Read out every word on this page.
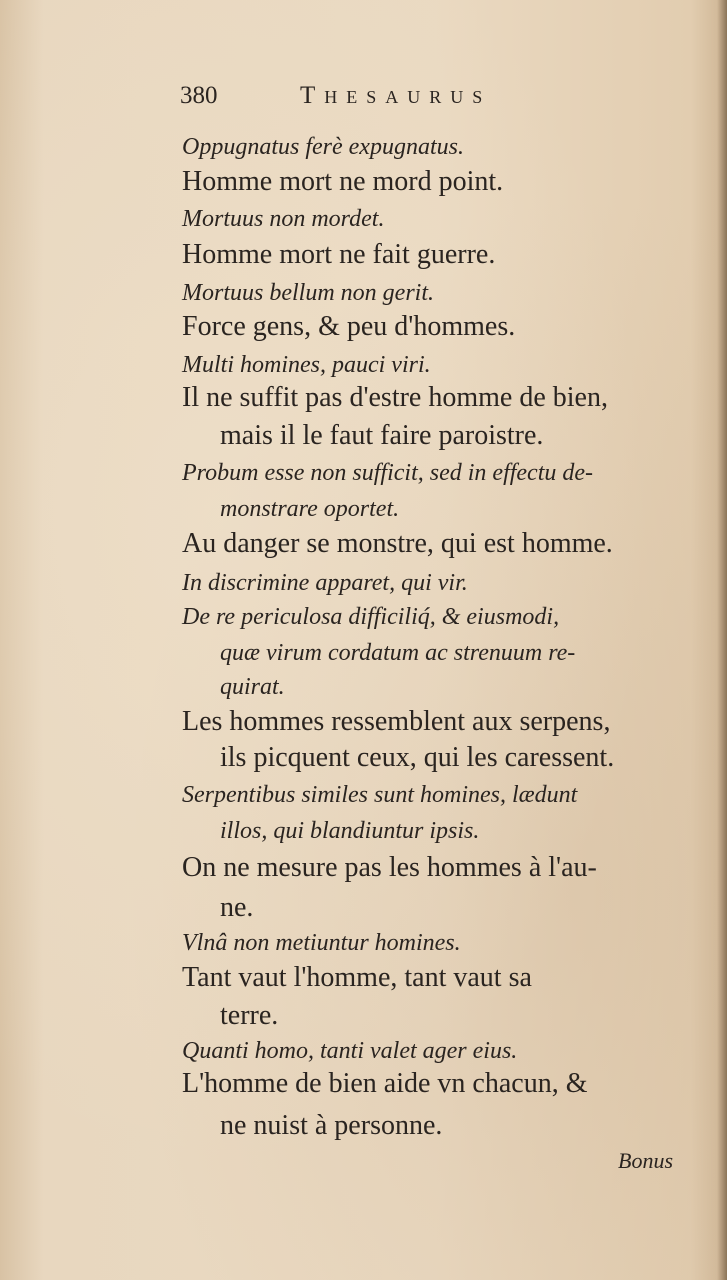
380	Thesaurus
Oppugnatus ferè expugnatus.
Homme mort ne mord point.
Mortuus non mordet.
Homme mort ne fait guerre.
Mortuus bellum non gerit.
Force gens, & peu d'hommes.
Multi homines, pauci viri.
Il ne suffit pas d'estre homme de bien,
mais il le faut faire paroistre.
Probum esse non sufficit, sed in effectu de-
monstrare oportet.
Au danger se monstre, qui est homme.
In discrimine apparet, qui vir.
De re periculosa difficiliq́, & eiusmodi,
quæ virum cordatum ac strenuum re-
quirat.
Les hommes ressemblent aux serpens,
ils picquent ceux, qui les caressent.
Serpentibus similes sunt homines, lædunt
illos, qui blandiuntur ipsis.
On ne mesure pas les hommes à l'au-
ne.
Vlnâ non metiuntur homines.
Tant vaut l'homme, tant vaut sa
terre.
Quanti homo, tanti valet ager eius.
L'homme de bien aide vn chacun, &
ne nuist à personne.
Bonus
